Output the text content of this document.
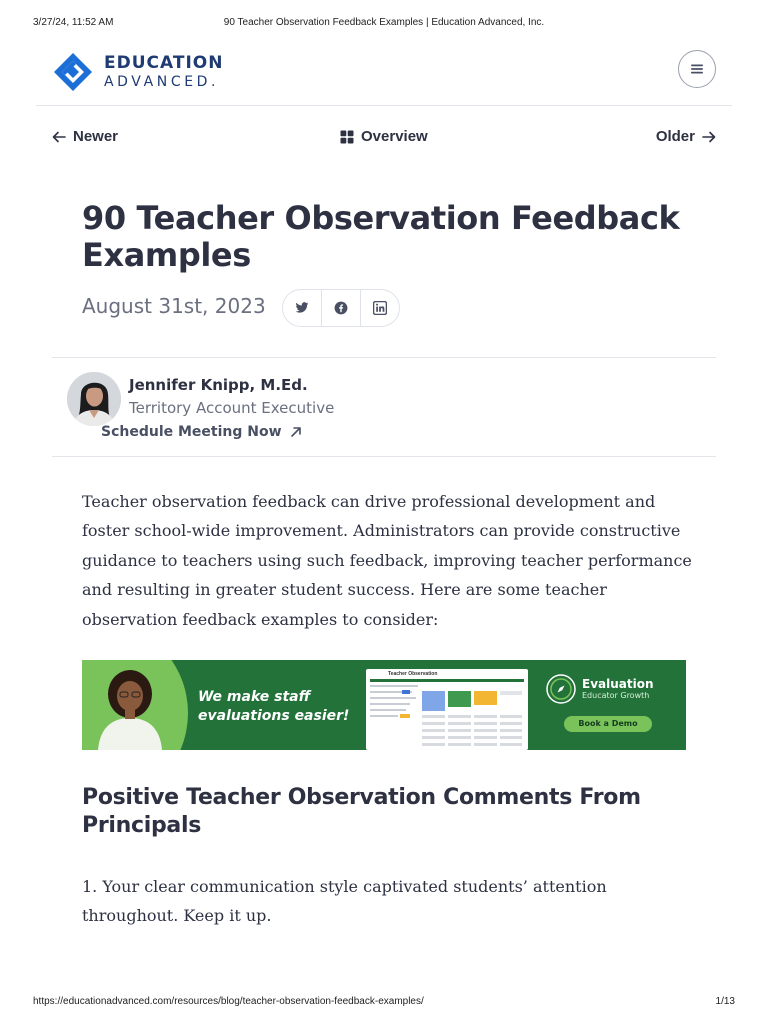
3/27/24, 11:52 AM	90 Teacher Observation Feedback Examples | Education Advanced, Inc.
EDUCATION
ADVANCED.
Newer	Overview	Older
90 Teacher Observation Feedback Examples
August 31st, 2023
Jennifer Knipp, M.Ed.
Territory Account Executive
Schedule Meeting Now

Teacher observation feedback can drive professional development and foster school-wide improvement. Administrators can provide constructive guidance to teachers using such feedback, improving teacher performance and resulting in greater student success. Here are some teacher observation feedback examples to consider:

We make staff evaluations easier!
Teacher Observation
Evaluation
Educator Growth
Book a Demo
Positive Teacher Observation Comments From Principals

1. Your clear communication style captivated students’ attention throughout. Keep it up.

https://educationadvanced.com/resources/blog/teacher-observation-feedback-examples/	1/13
